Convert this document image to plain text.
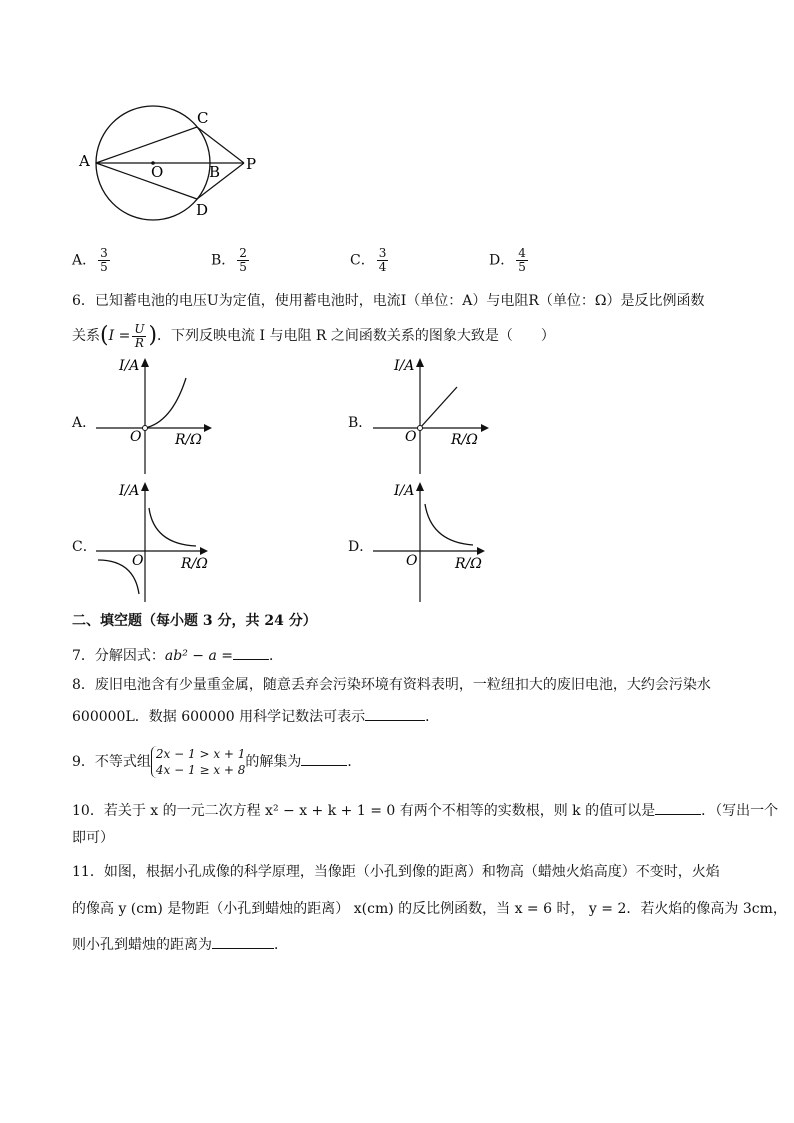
A
C
O	B P
D
A． $\frac{3}{5}$	B． $\frac{2}{5}$	C． $\frac{3}{4}$	D． $\frac{4}{5}$
6．已知蓄电池的电压U为定值，使用蓄电池时，电流I（单位：A）与电阻R（单位：Ω）是反比例函数
关系($I = \frac{U}{R}$ )．下列反映电流 I 与电阻 R 之间函数关系的图象大致是（　　）
A．
I/A
O R/Ω
B．
I/A
O R/Ω
C．
I/A
O	R/Ω
D．
I/A
O	R/Ω
二、填空题（每小题 3 分，共 24 分）
7．分解因式：ab² − a =	．
8．废旧电池含有少量重金属，随意丢弃会污染环境有资料表明，一粒纽扣大的废旧电池，大约会污染水
600000L．数据 600000 用科学记数法可表示	．
9．不等式组 2x − 1 > x + 1
4x − 1 ≥ x + 8 的解集为	．
10．若关于 x 的一元二次方程 x² − x + k + 1 = 0 有两个不相等的实数根，则 k 的值可以是	．（写出一个
即可）
11．如图，根据小孔成像的科学原理，当像距（小孔到像的距离）和物高（蜡烛火焰高度）不变时，火焰
的像高 y (cm) 是物距（小孔到蜡烛的距离） x(cm) 的反比例函数，当 x = 6 时， y = 2．若火焰的像高为 3cm，
则小孔到蜡烛的距离为	．
